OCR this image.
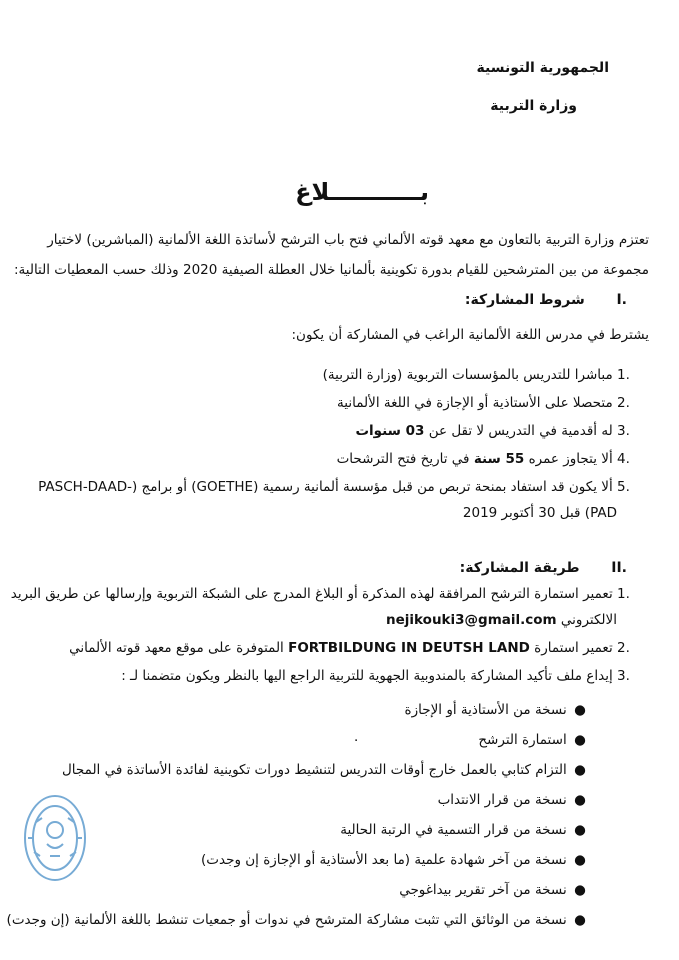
الجمهورية التونسية
وزارة التربية
بـــــــــــلاغ
تعتزم وزارة التربية بالتعاون مع معهد قوته الألماني فتح باب الترشح لأساتذة اللغة الألمانية (المباشرين) لاختيار
مجموعة من بين المترشحين للقيام بدورة تكوينية بألمانيا خلال العطلة الصيفية 2020 وذلك حسب المعطيات التالية:
I.  شروط المشاركة:
يشترط في مدرس اللغة الألمانية الراغب في المشاركة أن يكون:
1. مباشرا للتدريس بالمؤسسات التربوية (وزارة التربية)
2. متحصلا على الأستاذية أو الإجازة في اللغة الألمانية
3. له أقدمية في التدريس لا تقل عن 03 سنوات
4. ألا يتجاوز عمره 55 سنة في تاريخ فتح الترشحات
5. ألا يكون قد استفاد بمنحة تربص من قبل مؤسسة ألمانية رسمية (GOETHE) أو برامج (-PASCH-DAAD
PAD) قبل 30 أكتوبر 2019
II.  طريقة المشاركة:
1. تعمير استمارة الترشح المرافقة لهذه المذكرة أو البلاغ المدرج على الشبكة التربوية وإرسالها عن طريق البريد
الالكتروني nejikouki3@gmail.com
2. تعمير استمارة FORTBILDUNG IN DEUTSH LAND المتوفرة على موقع معهد قوته الألماني
3. إيداع ملف تأكيد المشاركة بالمندوبية الجهوية للتربية الراجع اليها بالنظر ويكون متضمنا لـ :
● نسخة من الأستاذية أو الإجازة
● استمارة الترشح  ٠
● التزام كتابي بالعمل خارج أوقات التدريس لتنشيط دورات تكوينية لفائدة الأساتذة في المجال
● نسخة من قرار الانتداب
● نسخة من قرار التسمية في الرتبة الحالية
● نسخة من آخر شهادة علمية (ما بعد الأستاذية أو الإجازة إن وجدت)
● نسخة من آخر تقرير بيداغوجي
● نسخة من الوثائق التي تثبت مشاركة المترشح في ندوات أو جمعيات تنشط باللغة الألمانية (إن وجدت)
